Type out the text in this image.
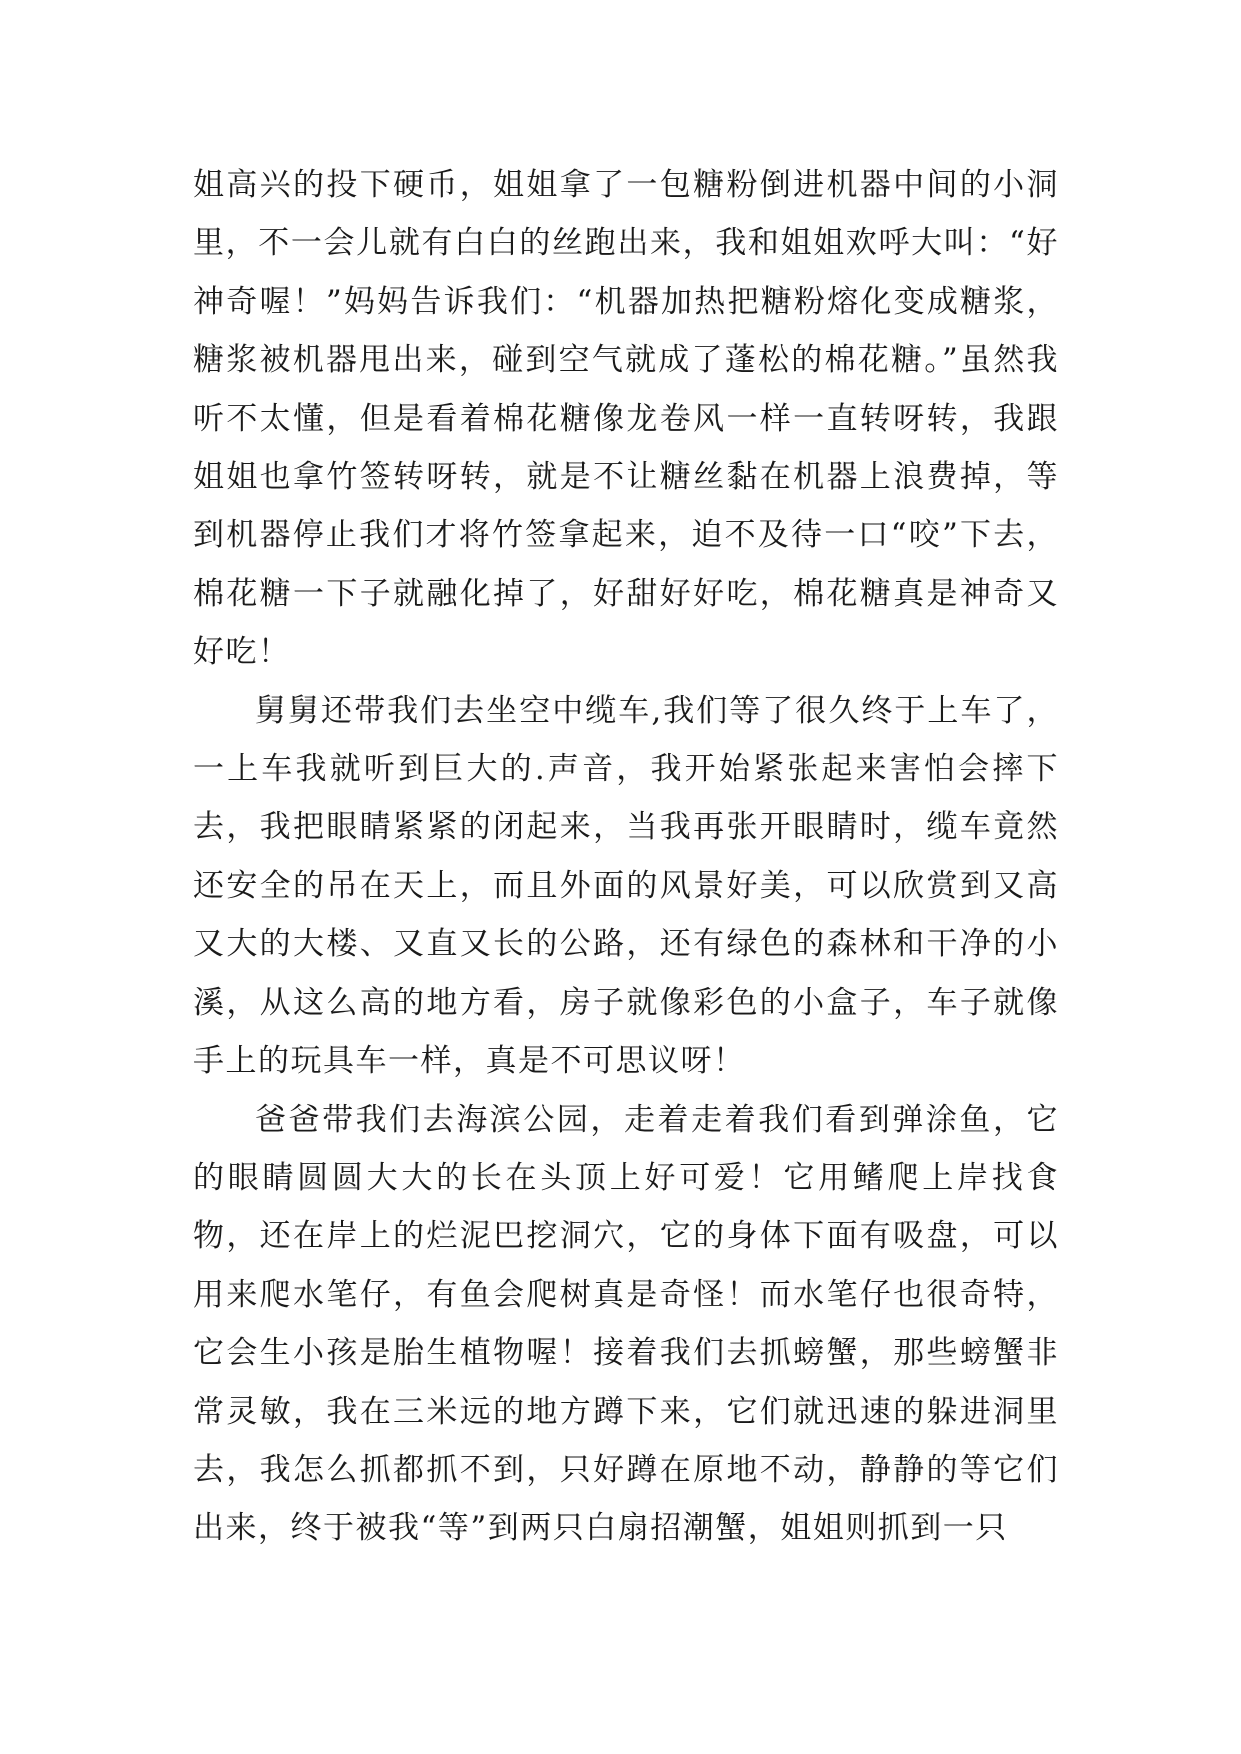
姐高兴的投下硬币，姐姐拿了一包糖粉倒进机器中间的小洞里，不一会儿就有白白的丝跑出来，我和姐姐欢呼大叫：“好神奇喔！”妈妈告诉我们：“机器加热把糖粉熔化变成糖浆，糖浆被机器甩出来，碰到空气就成了蓬松的棉花糖。”虽然我听不太懂，但是看着棉花糖像龙卷风一样一直转呀转，我跟姐姐也拿竹签转呀转，就是不让糖丝黏在机器上浪费掉，等到机器停止我们才将竹签拿起来，迫不及待一口“咬”下去，棉花糖一下子就融化掉了，好甜好好吃，棉花糖真是神奇又好吃！

舅舅还带我们去坐空中缆车,我们等了很久终于上车了，一上车我就听到巨大的.声音，我开始紧张起来害怕会摔下去，我把眼睛紧紧的闭起来，当我再张开眼睛时，缆车竟然还安全的吊在天上，而且外面的风景好美，可以欣赏到又高又大的大楼、又直又长的公路，还有绿色的森林和干净的小溪，从这么高的地方看，房子就像彩色的小盒子，车子就像手上的玩具车一样，真是不可思议呀！

爸爸带我们去海滨公园，走着走着我们看到弹涂鱼，它的眼睛圆圆大大的长在头顶上好可爱！它用鳍爬上岸找食物，还在岸上的烂泥巴挖洞穴，它的身体下面有吸盘，可以用来爬水笔仔，有鱼会爬树真是奇怪！而水笔仔也很奇特，它会生小孩是胎生植物喔！接着我们去抓螃蟹，那些螃蟹非常灵敏，我在三米远的地方蹲下来，它们就迅速的躲进洞里去，我怎么抓都抓不到，只好蹲在原地不动，静静的等它们出来，终于被我“等”到两只白扇招潮蟹，姐姐则抓到一只
